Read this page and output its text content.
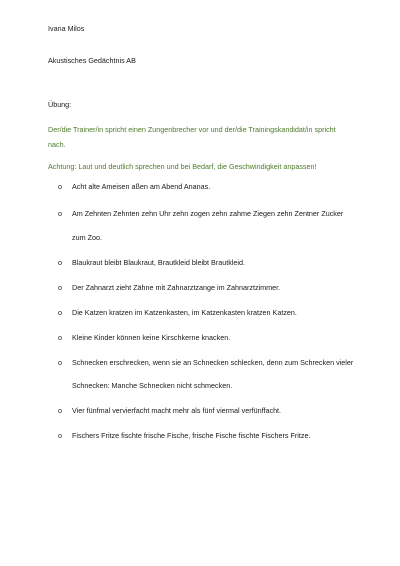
Ivana Milos
Akustisches Gedächtnis AB
Übung:
Der/die Trainer/in spricht einen Zungenbrecher vor und der/die Trainingskandidat/in spricht
nach.
Achtung: Laut und deutlich sprechen und bei Bedarf, die Geschwindigkeit anpassen!
o	Acht alte Ameisen aßen am Abend Ananas.
o	Am Zehnten Zehnten zehn Uhr zehn zogen zehn zahme Ziegen zehn Zentner Zucker
zum Zoo.
o	Blaukraut bleibt Blaukraut, Brautkleid bleibt Brautkleid.
o	Der Zahnarzt zieht Zähne mit Zahnarztzange im Zahnarztzimmer.
o	Die Katzen kratzen im Katzenkasten, im Katzenkasten kratzen Katzen.
o	Kleine Kinder können keine Kirschkerne knacken.
o	Schnecken erschrecken, wenn sie an Schnecken schlecken, denn zum Schrecken vieler
Schnecken: Manche Schnecken nicht schmecken.
o	Vier fünfmal vervierfacht macht mehr als fünf viermal verfünffacht.
o	Fischers Fritze fischte frische Fische, frische Fische fischte Fischers Fritze.
